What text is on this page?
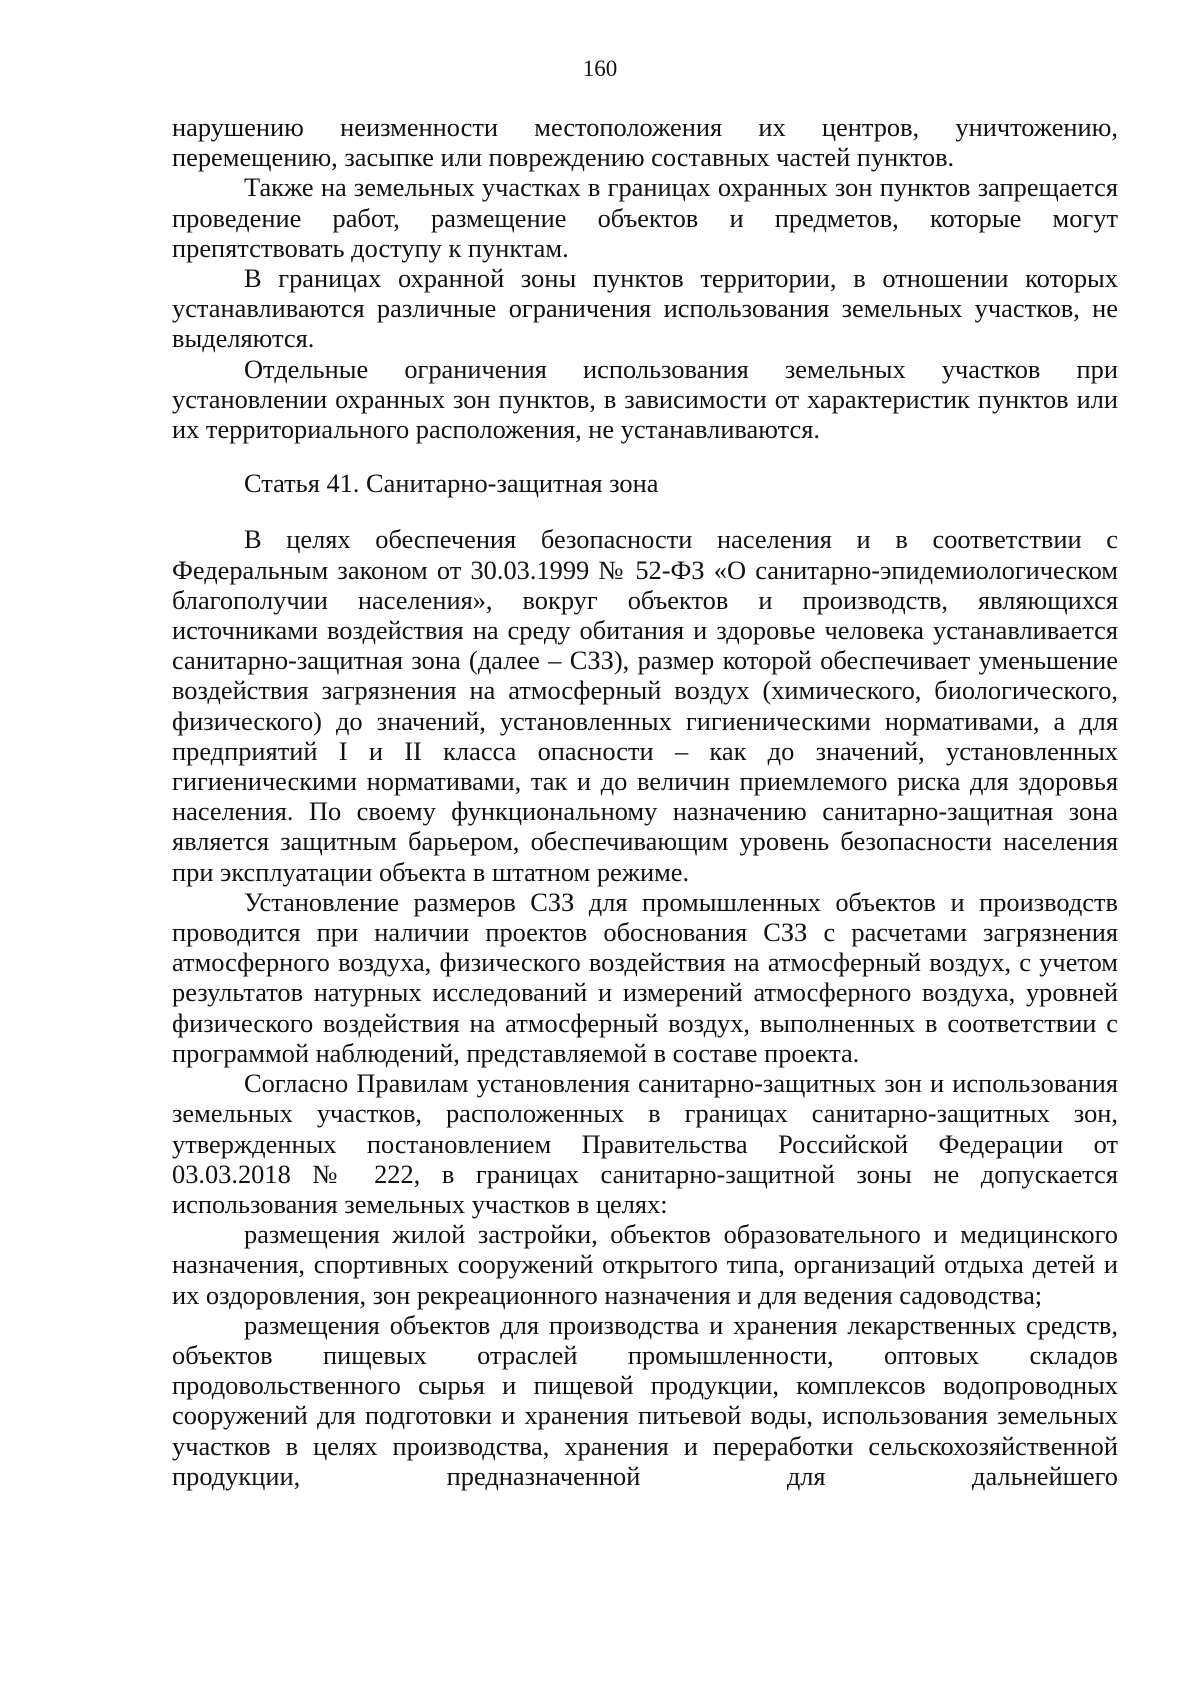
160

нарушению неизменности местоположения их центров, уничтожению, перемещению, засыпке или повреждению составных частей пунктов.

Также на земельных участках в границах охранных зон пунктов запрещается проведение работ, размещение объектов и предметов, которые могут препятствовать доступу к пунктам.

В границах охранной зоны пунктов территории, в отношении которых устанавливаются различные ограничения использования земельных участков, не выделяются.

Отдельные ограничения использования земельных участков при установлении охранных зон пунктов, в зависимости от характеристик пунктов или их территориального расположения, не устанавливаются.

Статья 41. Санитарно-защитная зона

В целях обеспечения безопасности населения и в соответствии с Федеральным законом от 30.03.1999 № 52-ФЗ «О санитарно-эпидемиологическом благополучии населения», вокруг объектов и производств, являющихся источниками воздействия на среду обитания и здоровье человека устанавливается санитарно-защитная зона (далее – СЗЗ), размер которой обеспечивает уменьшение воздействия загрязнения на атмосферный воздух (химического, биологического, физического) до значений, установленных гигиеническими нормативами, а для предприятий I и II класса опасности – как до значений, установленных гигиеническими нормативами, так и до величин приемлемого риска для здоровья населения. По своему функциональному назначению санитарно-защитная зона является защитным барьером, обеспечивающим уровень безопасности населения при эксплуатации объекта в штатном режиме.

Установление размеров СЗЗ для промышленных объектов и производств проводится при наличии проектов обоснования СЗЗ с расчетами загрязнения атмосферного воздуха, физического воздействия на атмосферный воздух, с учетом результатов натурных исследований и измерений атмосферного воздуха, уровней физического воздействия на атмосферный воздух, выполненных в соответствии с программой наблюдений, представляемой в составе проекта.

Согласно Правилам установления санитарно-защитных зон и использования земельных участков, расположенных в границах санитарно-защитных зон, утвержденных постановлением Правительства Российской Федерации от 03.03.2018 № 222, в границах санитарно-защитной зоны не допускается использования земельных участков в целях:

размещения жилой застройки, объектов образовательного и медицинского назначения, спортивных сооружений открытого типа, организаций отдыха детей и их оздоровления, зон рекреационного назначения и для ведения садоводства;

размещения объектов для производства и хранения лекарственных средств, объектов пищевых отраслей промышленности, оптовых складов продовольственного сырья и пищевой продукции, комплексов водопроводных сооружений для подготовки и хранения питьевой воды, использования земельных участков в целях производства, хранения и переработки сельскохозяйственной продукции, предназначенной для дальнейшего
